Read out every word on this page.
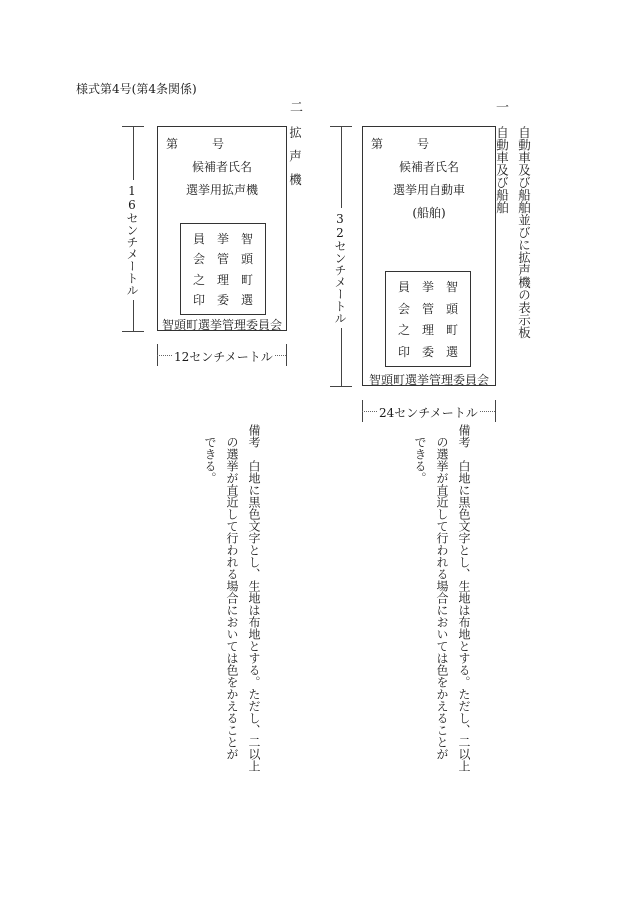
様式第4号(第4条関係)
一
自動車及び船舶並びに拡声機の表示板
自動車及び船舶
32センチメートル
第	号
候補者氏名
選挙用自動車
(船舶)
員 挙 智
会 管 頭
之 理 町
印 委 選
智頭町選挙管理委員会
24センチメートル
備考　白地に黒色文字とし、生地は布地とする。ただし、二以上
の選挙が直近して行われる場合においては色をかえることが
できる。
二
拡声機
16センチメートル
第	号
候補者氏名
選挙用拡声機
員 挙 智
会 管 頭
之 理 町
印 委 選
智頭町選挙管理委員会
12センチメートル
備考　白地に黒色文字とし、生地は布地とする。ただし、二以上
の選挙が直近して行われる場合においては色をかえることが
できる。
